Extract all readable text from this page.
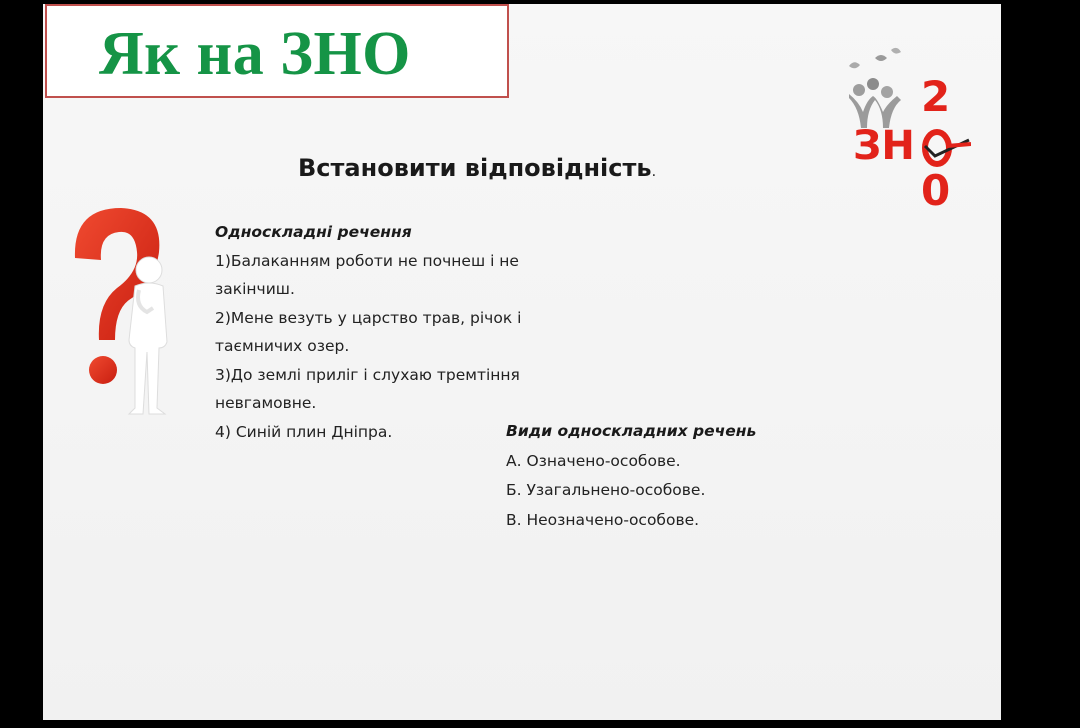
Як на ЗНО
2
ЗН
0
Встановити відповідність.
Односкладні речення
1)Балаканням роботи не почнеш і не
закінчиш.
2)Мене везуть у царство трав, річок і
таємничих озер.
3)До землі приліг і слухаю тремтіння
невгамовне.
4) Синій плин Дніпра.	Види односкладних речень
А. Означено-особове.
Б. Узагальнено-особове.
В. Неозначено-особове.
